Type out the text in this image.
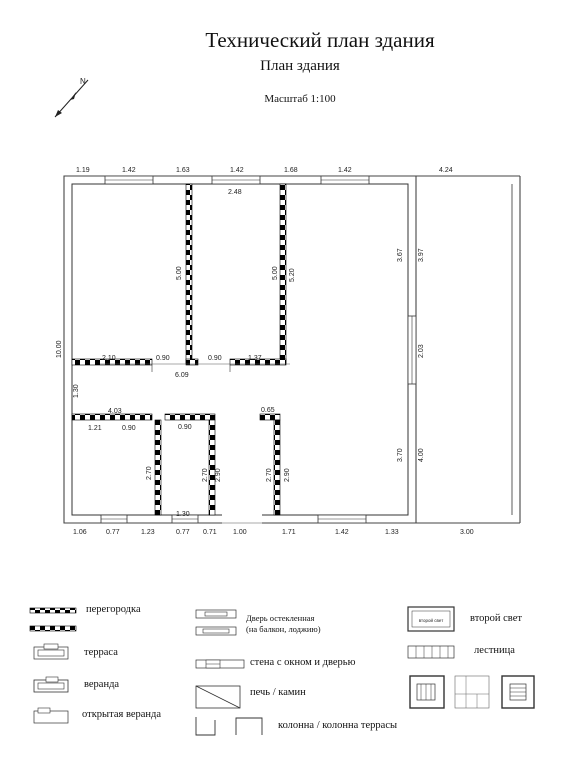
Технический план здания
План здания
Масштаб 1:100
N
1.19	1.42	1.63	1.42	1.68	1.42	4.24
2.48
10.00
1.30
5.00	5.00 5.20
3.67 3.97
2.03
3.70 4.00
2.70	2.70 2.90	2.70 2.90
2.10	0.90	0.90	1.37
6.09
4.03
1.21	0.90	0.90
0.65
1.30
1.06	0.77	1.23	0.77 0.71 1.00	1.71	1.42	1.33	3.00
второй свет
перегородка
терраса
веранда
открытая веранда
Дверь остекленная
(на балкон, лоджию)
стена с окном и дверью
печь / камин
колонна / колонна террасы
второй свет
лестница
